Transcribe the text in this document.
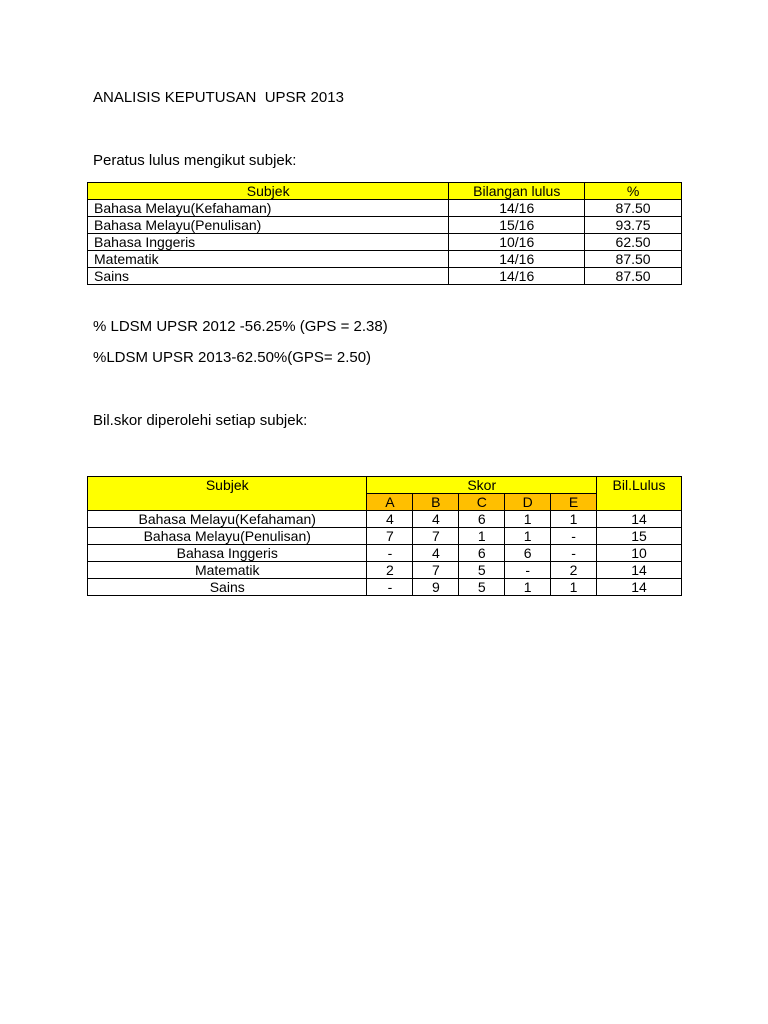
ANALISIS KEPUTUSAN  UPSR 2013
Peratus lulus mengikut subjek:
Subjek	Bilangan lulus	%
Bahasa Melayu(Kefahaman)	14/16	87.50
Bahasa Melayu(Penulisan)	15/16	93.75
Bahasa Inggeris	10/16	62.50
Matematik	14/16	87.50
Sains	14/16	87.50
% LDSM UPSR 2012 -56.25% (GPS = 2.38)
%LDSM UPSR 2013-62.50%(GPS= 2.50)
Bil.skor diperolehi setiap subjek:
Subjek	Skor					Bil.Lulus
	A	B	C	D	E	
Bahasa Melayu(Kefahaman)	4	4	6	1	1	14
Bahasa Melayu(Penulisan)	7	7	1	1	-	15
Bahasa Inggeris	-	4	6	6	-	10
Matematik	2	7	5	-	2	14
Sains	-	9	5	1	1	14
